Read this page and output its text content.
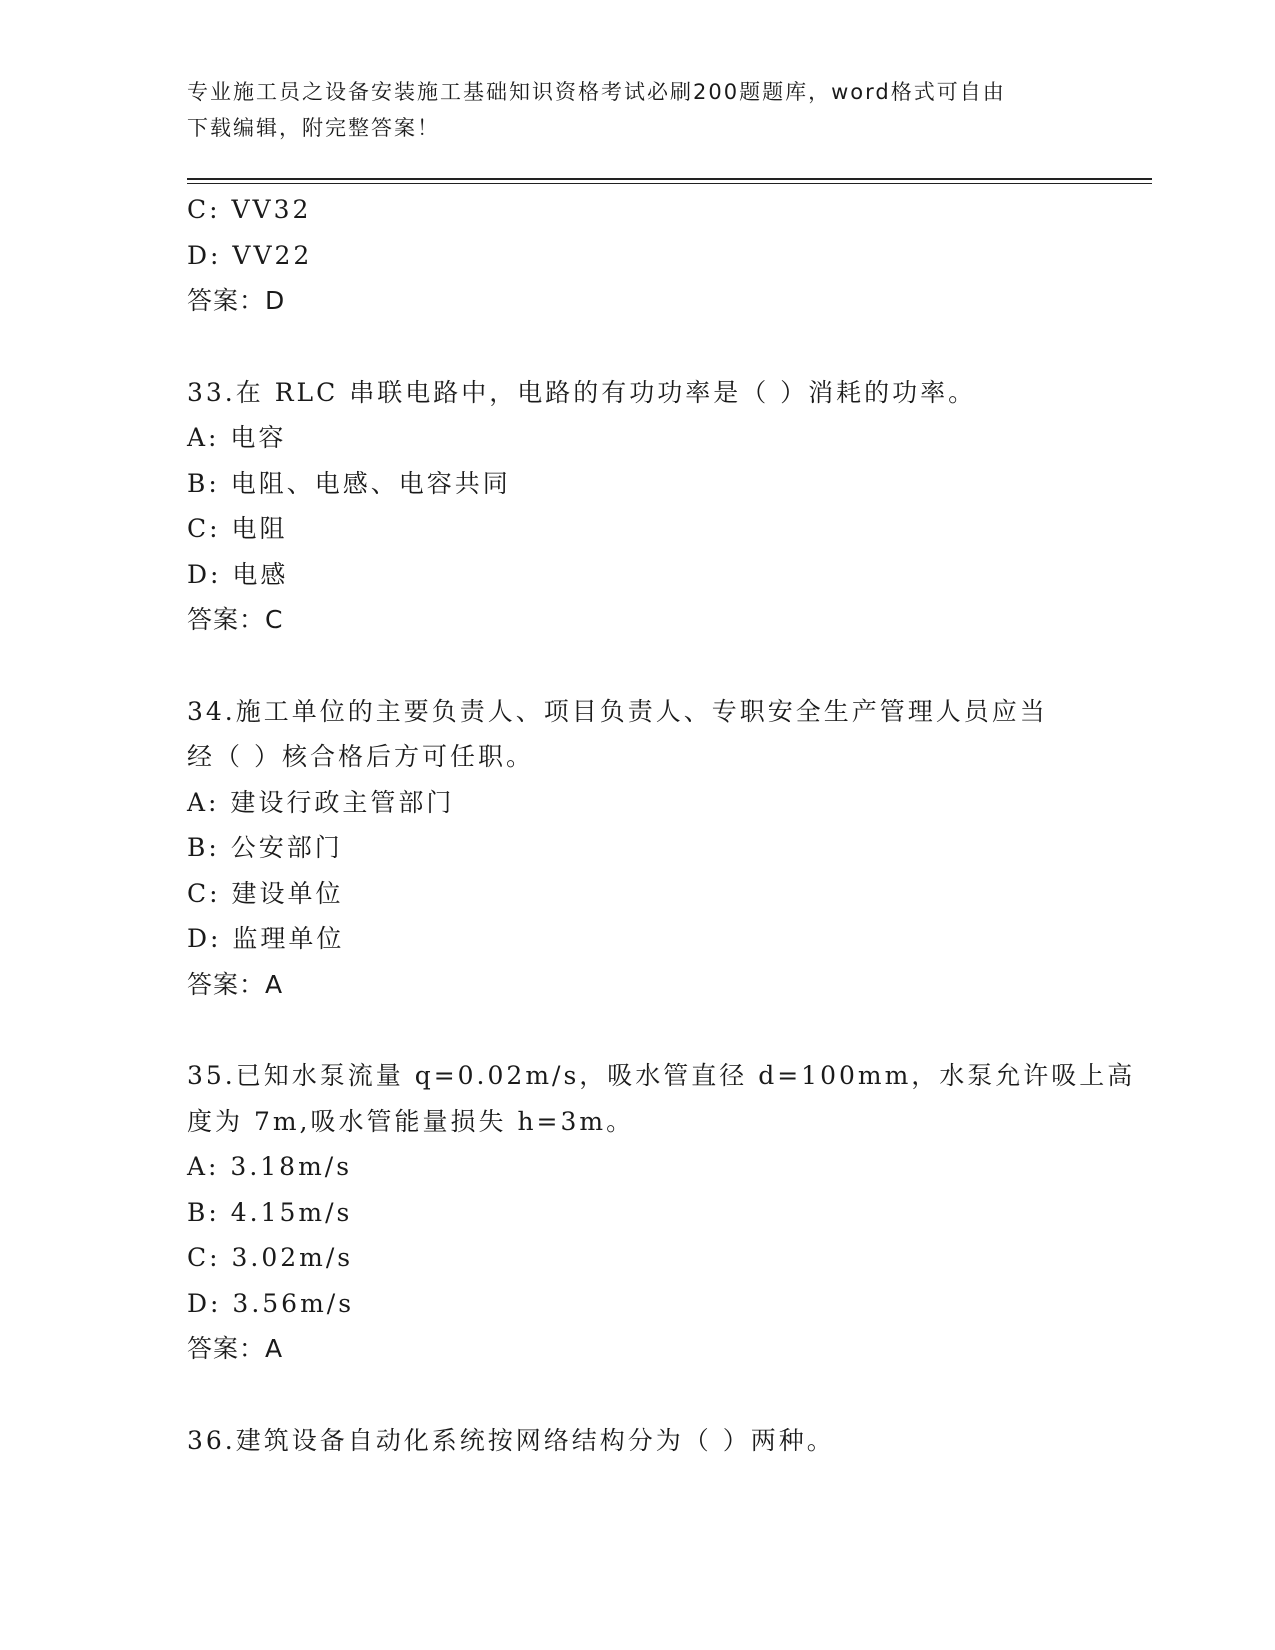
专业施工员之设备安装施工基础知识资格考试必刷200题题库，word格式可自由
下载编辑，附完整答案！

C: VV32

D: VV22

答案：D

33.在 RLC 串联电路中，电路的有功功率是（ ）消耗的功率。

A: 电容

B: 电阻、电感、电容共同

C: 电阻

D: 电感

答案：C

34.施工单位的主要负责人、项目负责人、专职安全生产管理人员应当

经（ ）核合格后方可任职。

A: 建设行政主管部门

B: 公安部门

C: 建设单位

D: 监理单位

答案：A

35.已知水泵流量 q=0.02m/s，吸水管直径 d=100mm，水泵允许吸上高

度为 7m,吸水管能量损失 h=3m。

A: 3.18m/s

B: 4.15m/s

C: 3.02m/s

D: 3.56m/s

答案：A

36.建筑设备自动化系统按网络结构分为（ ）两种。
